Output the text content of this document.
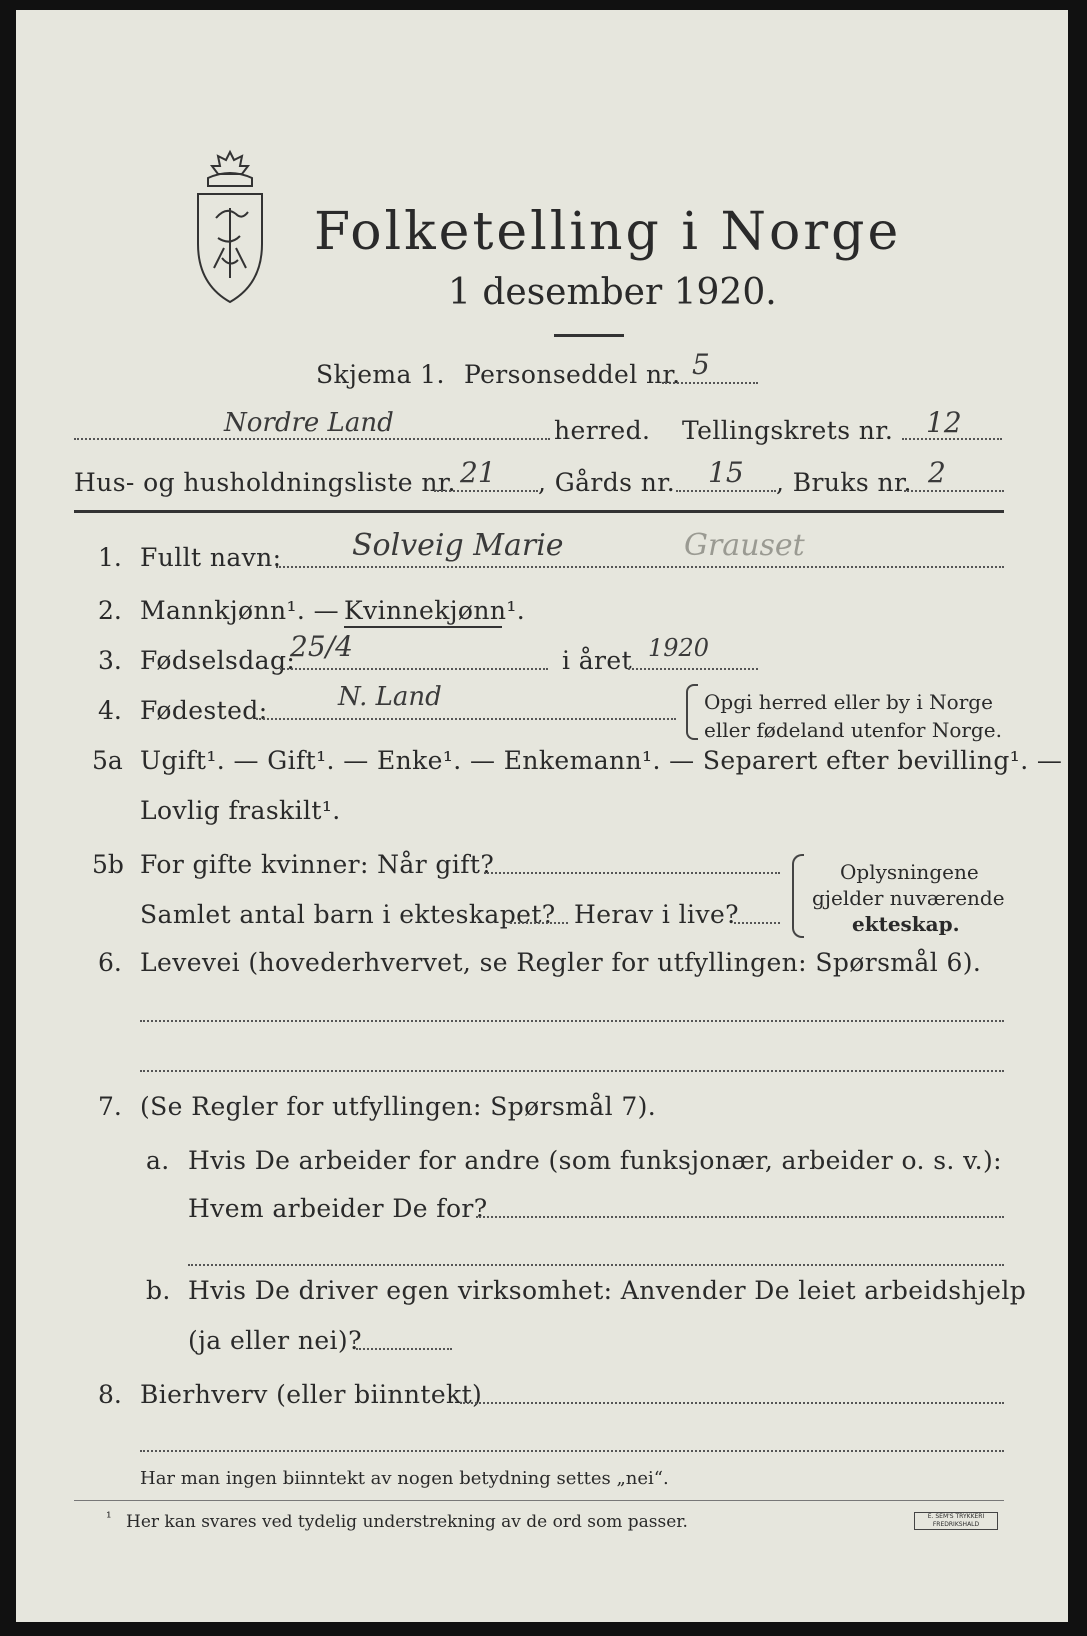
Folketelling i Norge
1 desember 1920.
Skjema 1. Personseddel nr. 5
Nordre Land	herred. Tellingskrets nr. 12
Hus- og husholdningsliste nr. 21 , Gårds nr. 15 , Bruks nr. 2
1. Fullt navn: Solveig Marie	Grauset
2. Mannkjønn¹. — Kvinnekjønn¹.
3. Fødselsdag:
25/4	i året 1920
4. Fødested:	N. Land	Opgi herred eller by i Norge
eller fødeland utenfor Norge.
5a Ugift¹. — Gift¹. — Enke¹. — Enkemann¹. — Separert efter bevilling¹. —
Lovlig fraskilt¹.
5b For gifte kvinner: Når gift?
Samlet antal barn i ekteskapet? Herav i live?
Oplysningene
gjelder nuværende
ekteskap.
6. Levevei (hovederhvervet, se Regler for utfyllingen: Spørsmål 6).
7. (Se Regler for utfyllingen: Spørsmål 7).
a. Hvis De arbeider for andre (som funksjonær, arbeider o. s. v.):
Hvem arbeider De for?
b. Hvis De driver egen virksomhet: Anvender De leiet arbeidshjelp
(ja eller nei)?
8. Bierhverv (eller biinntekt)
Har man ingen biinntekt av nogen betydning settes „nei“.
¹ Her kan svares ved tydelig understrekning av de ord som passer.	E. SEM'S TRYKKERI FREDRIKSHALD
